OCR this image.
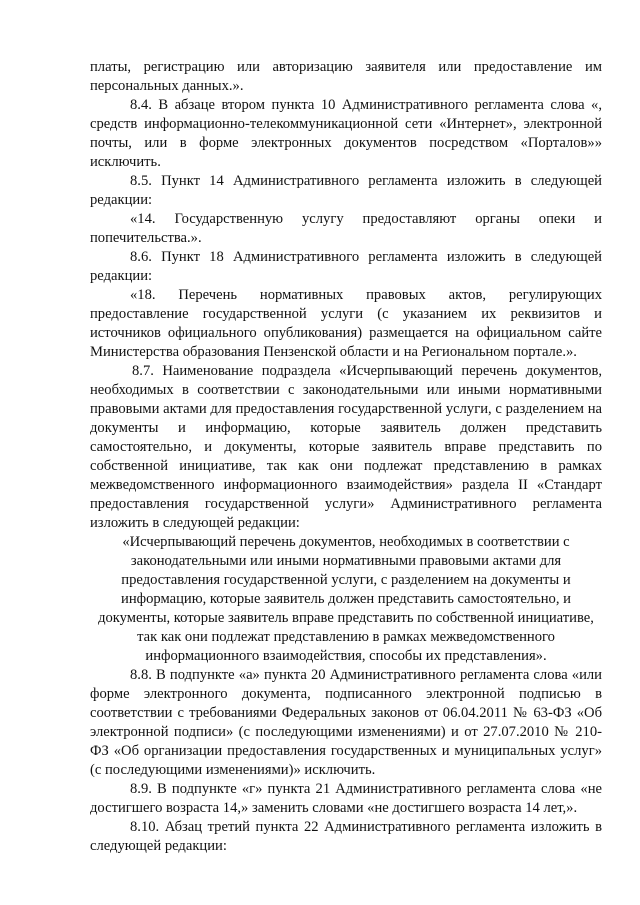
платы, регистрацию или авторизацию заявителя или предоставление им персональных данных.».

8.4. В абзаце втором пункта 10 Административного регламента слова «, средств информационно-телекоммуникационной сети «Интернет», электронной почты, или в форме электронных документов посредством «Порталов»» исключить.

8.5. Пункт 14 Административного регламента изложить в следующей редакции:

«14. Государственную услугу предоставляют органы опеки и попечительства.».

8.6. Пункт 18 Административного регламента изложить в следующей редакции:

«18. Перечень нормативных правовых актов, регулирующих предоставление государственной услуги (с указанием их реквизитов и источников официального опубликования) размещается на официальном сайте Министерства образования Пензенской области и на Региональном портале.».

8.7. Наименование подраздела «Исчерпывающий перечень документов, необходимых в соответствии с законодательными или иными нормативными правовыми актами для предоставления государственной услуги, с разделением на документы и информацию, которые заявитель должен представить самостоятельно, и документы, которые заявитель вправе представить по собственной инициативе, так как они подлежат представлению в рамках межведомственного информационного взаимодействия» раздела II «Стандарт предоставления государственной услуги» Административного регламента изложить в следующей редакции:

«Исчерпывающий перечень документов, необходимых в соответствии с законодательными или иными нормативными правовыми актами для предоставления государственной услуги, с разделением на документы и информацию, которые заявитель должен представить самостоятельно, и документы, которые заявитель вправе представить по собственной инициативе, так как они подлежат представлению в рамках межведомственного информационного взаимодействия, способы их представления».

8.8. В подпункте «а» пункта 20 Административного регламента слова «или форме электронного документа, подписанного электронной подписью в соответствии с требованиями Федеральных законов от 06.04.2011 № 63-ФЗ «Об электронной подписи» (с последующими изменениями) и от 27.07.2010 № 210-ФЗ «Об организации предоставления государственных и муниципальных услуг» (с последующими изменениями)» исключить.

8.9. В подпункте «г» пункта 21 Административного регламента слова «не достигшего возраста 14,» заменить словами «не достигшего возраста 14 лет,».

8.10. Абзац третий пункта 22 Административного регламента изложить в следующей редакции:
